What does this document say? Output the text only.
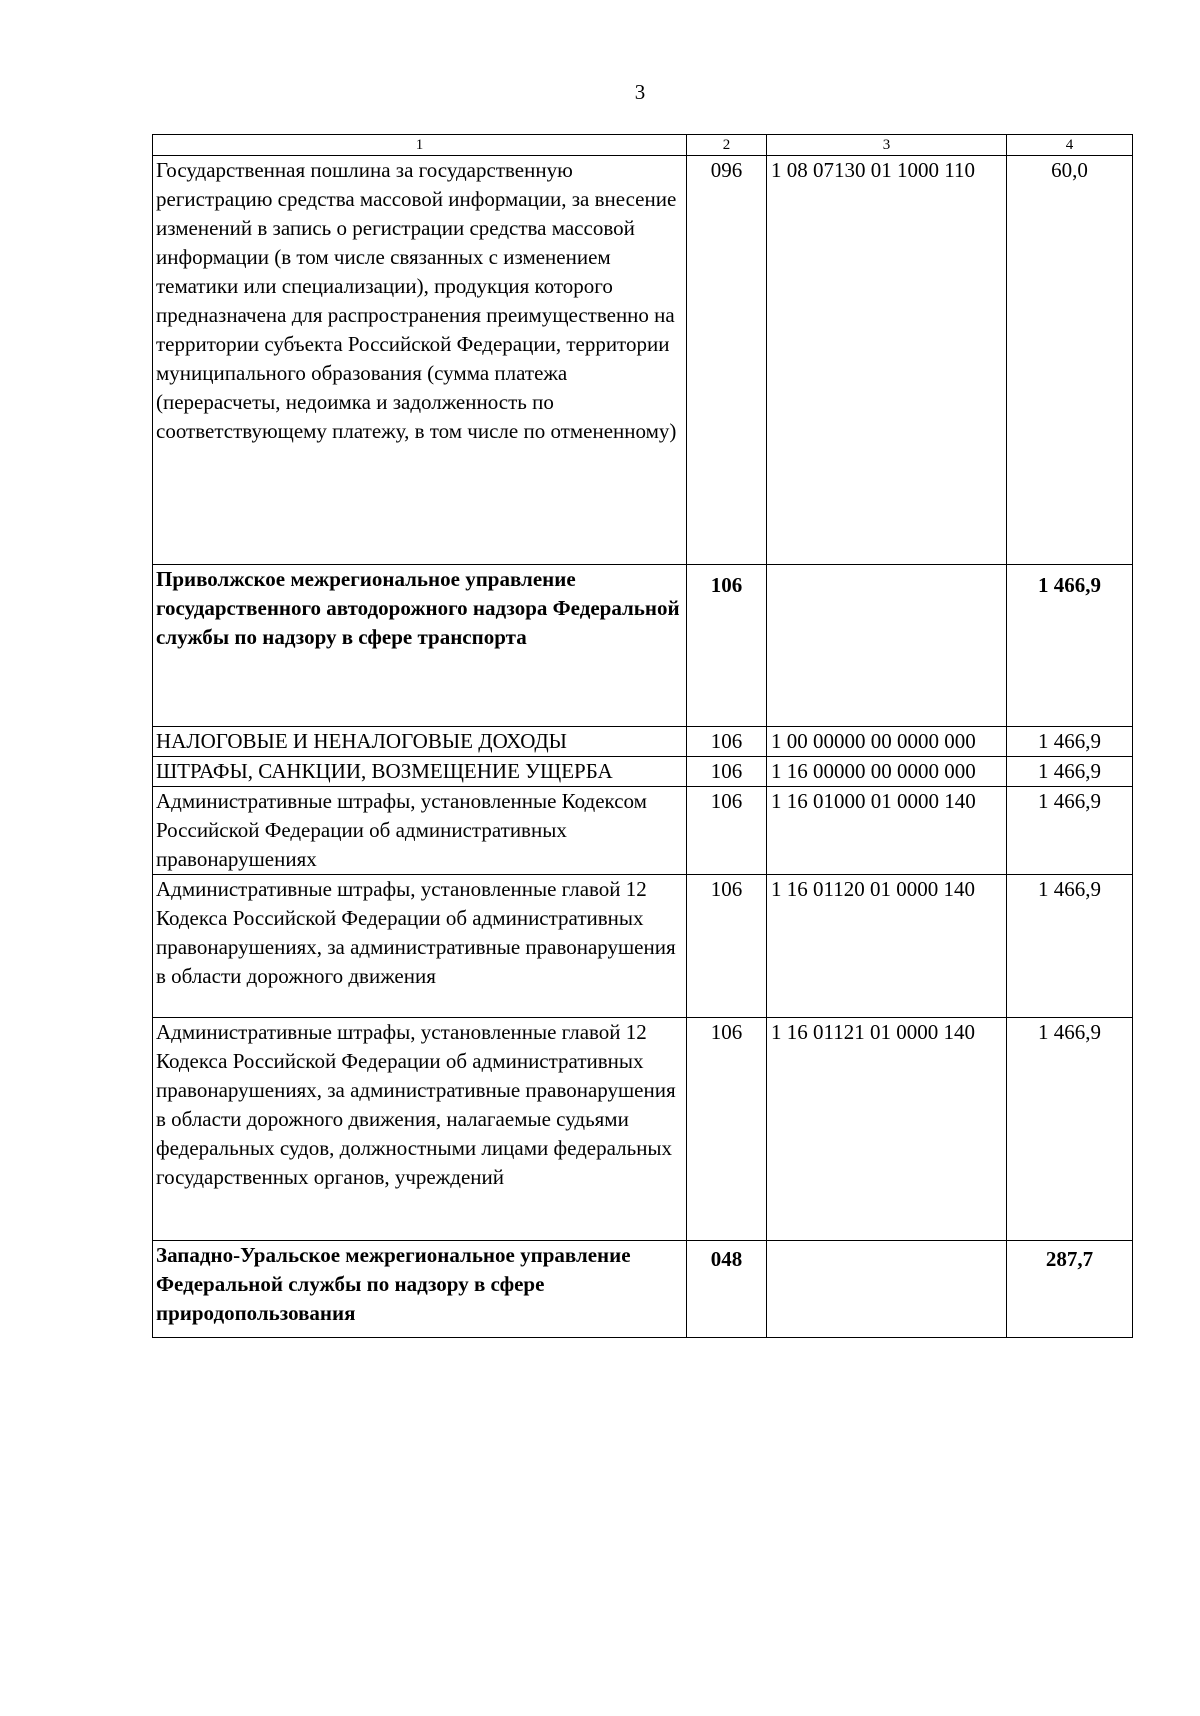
3
1	2	3	4
Государственная пошлина за государственную регистрацию средства массовой информации, за внесение изменений в запись о регистрации средства массовой информации (в том числе связанных с изменением тематики или специализации), продукция которого предназначена для распространения преимущественно на территории субъекта Российской Федерации, территории муниципального образования (сумма платежа (перерасчеты, недоимка и задолженность по соответствующему платежу, в том числе по отмененному)	096	1 08 07130 01 1000 110	60,0
Приволжское межрегиональное управление государственного автодорожного надзора Федеральной службы по надзору в сфере транспорта	106		1 466,9
НАЛОГОВЫЕ И НЕНАЛОГОВЫЕ ДОХОДЫ	106	1 00 00000 00 0000 000	1 466,9
ШТРАФЫ, САНКЦИИ, ВОЗМЕЩЕНИЕ УЩЕРБА	106	1 16 00000 00 0000 000	1 466,9
Административные штрафы, установленные Кодексом Российской Федерации об административных правонарушениях	106	1 16 01000 01 0000 140	1 466,9
Административные штрафы, установленные главой 12 Кодекса Российской Федерации об административных правонарушениях, за административные правонарушения в области дорожного движения	106	1 16 01120 01 0000 140	1 466,9
Административные штрафы, установленные главой 12 Кодекса Российской Федерации об административных правонарушениях, за административные правонарушения в области дорожного движения, налагаемые судьями федеральных судов, должностными лицами федеральных государственных органов, учреждений	106	1 16 01121 01 0000 140	1 466,9
Западно-Уральское межрегиональное управление Федеральной службы по надзору в сфере природопользования	048		287,7
